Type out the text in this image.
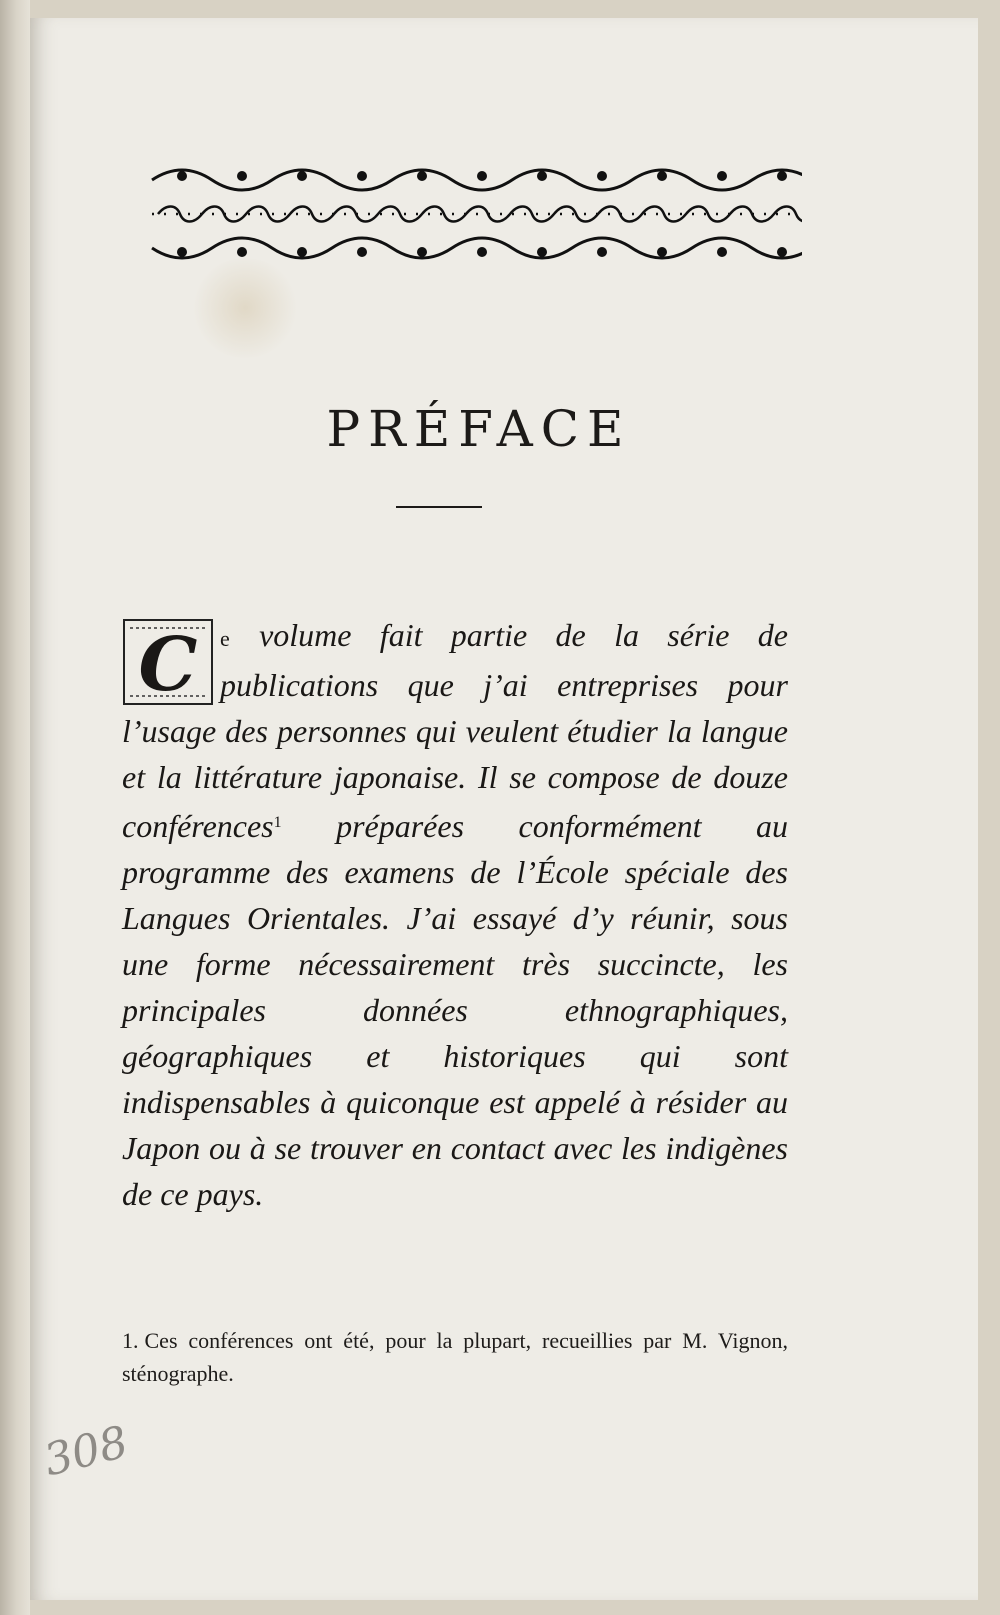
PRÉFACE
C e volume fait partie de la série de publications que j’ai entreprises pour l’usage des personnes qui veulent étudier la langue et la littérature japonaise. Il se compose de douze conférences$^1$ préparées conformément au programme des examens de l’École spéciale des Langues Orientales. J’ai essayé d’y réunir, sous une forme nécessairement très succincte, les principales données ethnographiques, géographiques et historiques qui sont indispensables à quiconque est appelé à résider au Japon ou à se trouver en contact avec les indigènes de ce pays.
1. Ces conférences ont été, pour la plupart, recueillies par M. Vignon, sténographe.
308
